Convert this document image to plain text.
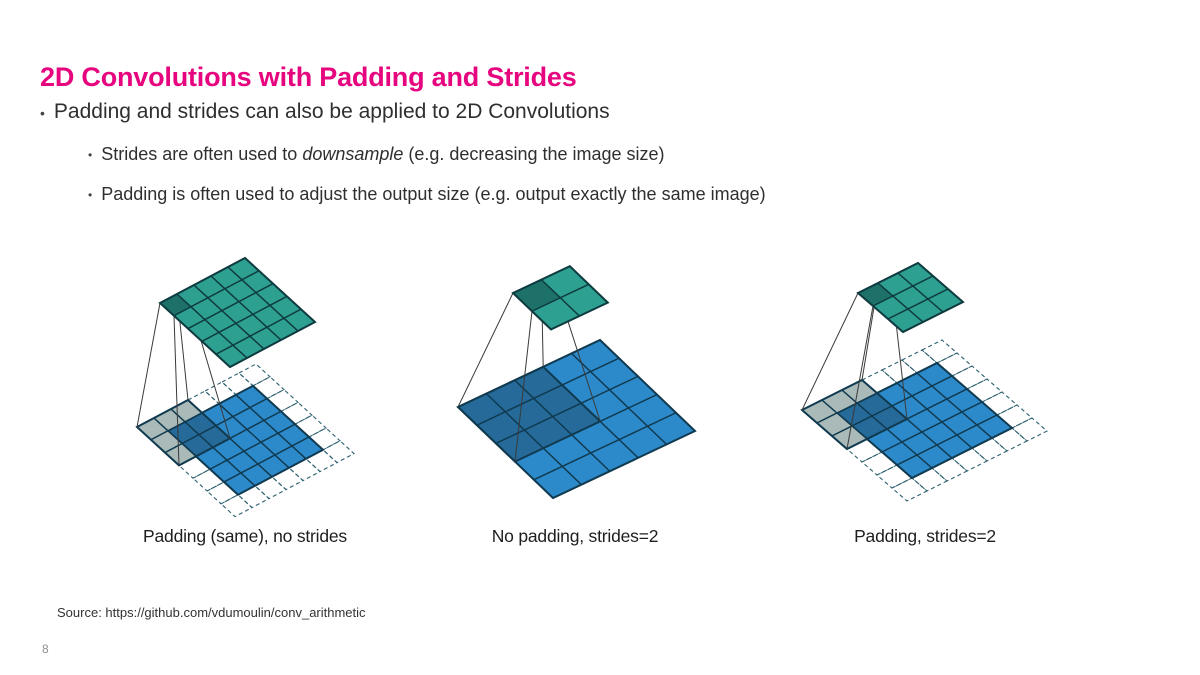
2D Convolutions with Padding and Strides
• Padding and strides can also be applied to 2D Convolutions
• Strides are often used to downsample (e.g. decreasing the image size)
• Padding is often used to adjust the output size (e.g. output exactly the same image)
Padding (same), no strides	No padding, strides=2	Padding, strides=2
Source: https://github.com/vdumoulin/conv_arithmetic
8
